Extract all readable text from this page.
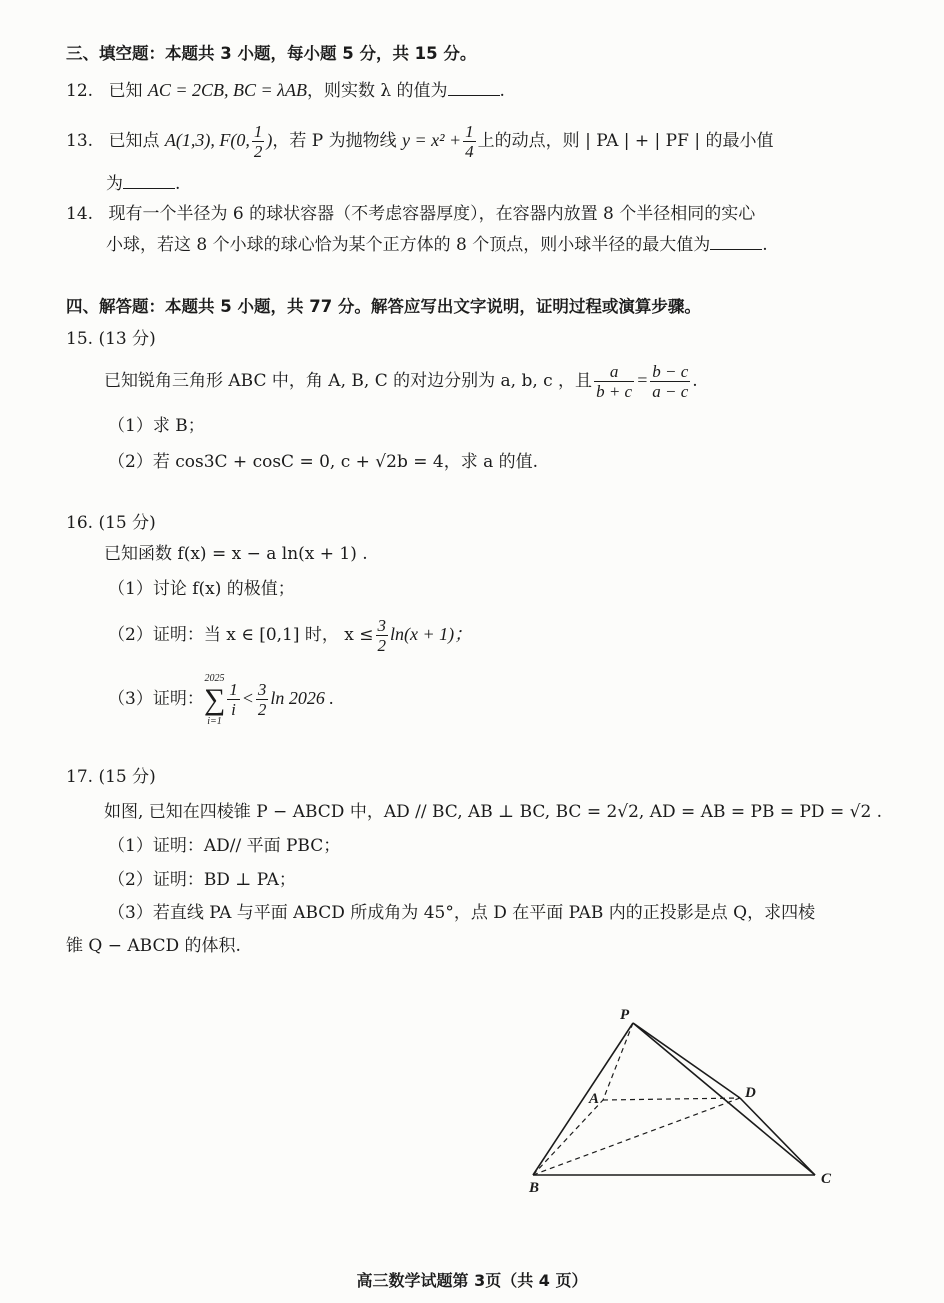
三、填空题：本题共 3 小题，每小题 5 分，共 15 分。
12. 已知 AC = 2CB, BC = λAB，则实数 λ 的值为	.
13. 已知点 A(1,3), F(0, $\frac{1}{2}$ )，若 P 为抛物线 $y = x^2 + \frac{1}{4}$ 上的动点，则 | PA | + | PF | 的最小值
为	.
14. 现有一个半径为 6 的球状容器（不考虑容器厚度），在容器内放置 8 个半径相同的实心
小球，若这 8 个小球的球心恰为某个正方体的 8 个顶点，则小球半径的最大值为	.
四、解答题：本题共 5 小题，共 77 分。解答应写出文字说明，证明过程或演算步骤。
15. (13 分)
已知锐角三角形 ABC 中，角 A, B, C 的对边分别为 a, b, c ，且 $\frac{a}{b + c} = \frac{b - c}{a - c}$ .
（1）求 B；
（2）若 cos3C + cosC = 0, c + √2b = 4，求 a 的值.
16. (15 分)
已知函数 f(x) = x − a ln(x + 1) .
（1）讨论 f(x) 的极值；
（2）证明：当 x ∈ [0,1] 时， $x \le \frac{3}{2} \ln(x + 1)$；
（3）证明：
2025
∑
i=1
$\frac{1}{i} < \frac{3}{2}$ ln 2026 .
17. (15 分)
如图, 已知在四棱锥 P − ABCD 中，AD // BC, AB ⊥ BC, BC = 2√2, AD = AB = PB = PD = √2 .
（1）证明：AD// 平面 PBC；
（2）证明：BD ⊥ PA；
（3）若直线 PA 与平面 ABCD 所成角为 45°，点 D 在平面 PAB 内的正投影是点 Q，求四棱
锥 Q − ABCD 的体积.
P
A
B
C
D
高三数学试题第 3页（共 4 页）
